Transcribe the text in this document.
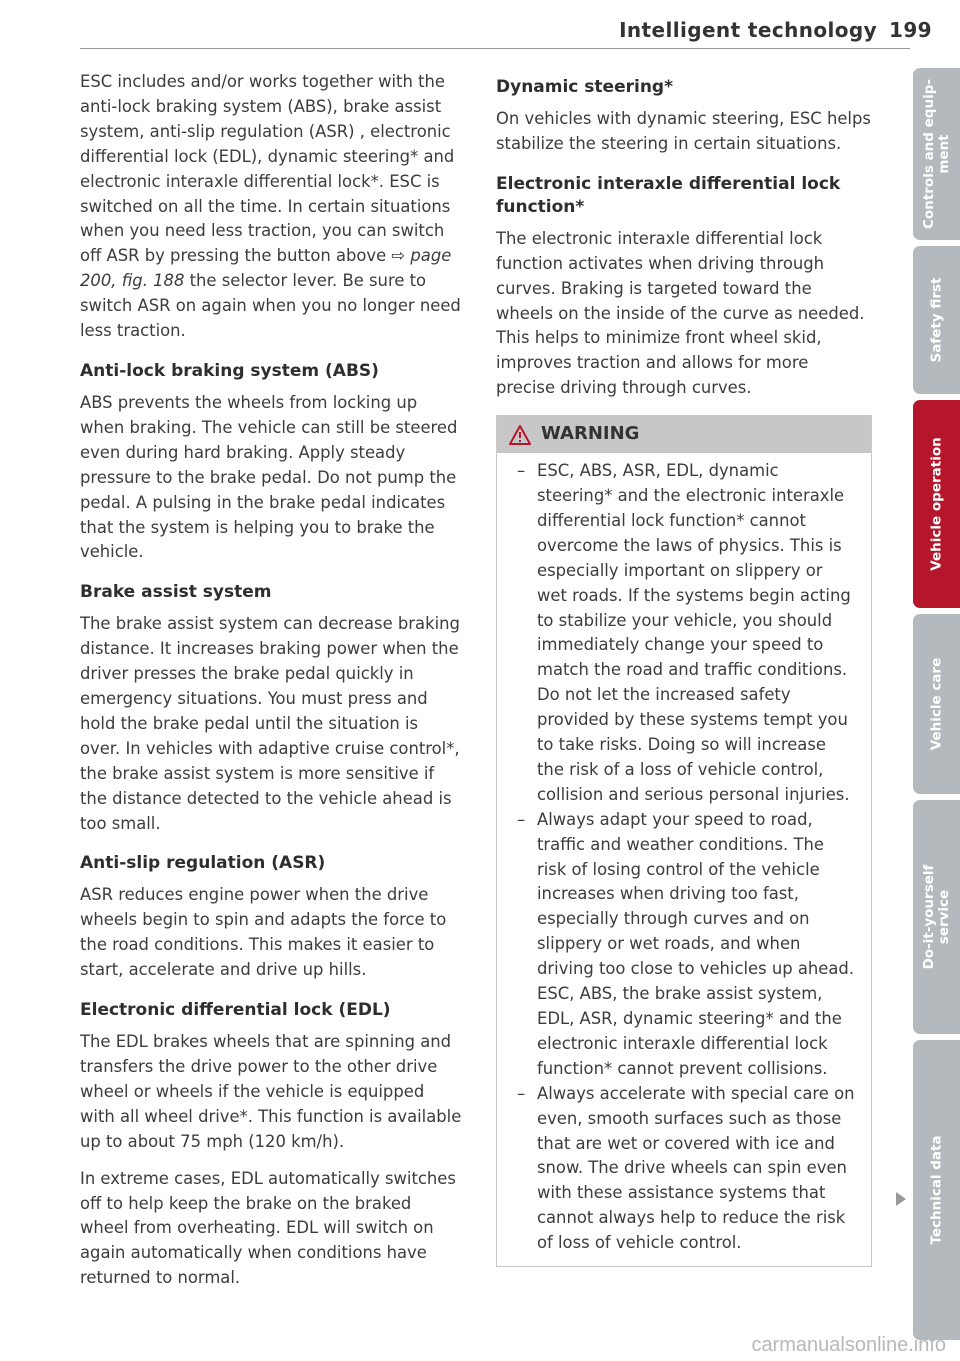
Intelligent technology 199

ESC includes and/or works together with the anti-lock braking system (ABS), brake assist system, anti-slip regulation (ASR) , electronic differential lock (EDL), dynamic steering* and electronic interaxle differential lock*. ESC is switched on all the time. In certain situations when you need less traction, you can switch off ASR by pressing the button above ⇨ page 200, fig. 188 the selector lever. Be sure to switch ASR on again when you no longer need less traction.

Anti-lock braking system (ABS)

ABS prevents the wheels from locking up when braking. The vehicle can still be steered even during hard braking. Apply steady pressure to the brake pedal. Do not pump the pedal. A pulsing in the brake pedal indicates that the system is helping you to brake the vehicle.

Brake assist system

The brake assist system can decrease braking distance. It increases braking power when the driver presses the brake pedal quickly in emergency situations. You must press and hold the brake pedal until the situation is over. In vehicles with adaptive cruise control*, the brake assist system is more sensitive if the distance detected to the vehicle ahead is too small.

Anti-slip regulation (ASR)

ASR reduces engine power when the drive wheels begin to spin and adapts the force to the road conditions. This makes it easier to start, accelerate and drive up hills.

Electronic differential lock (EDL)

The EDL brakes wheels that are spinning and transfers the drive power to the other drive wheel or wheels if the vehicle is equipped with all wheel drive*. This function is available up to about 75 mph (120 km/h).

In extreme cases, EDL automatically switches off to help keep the brake on the braked wheel from overheating. EDL will switch on again automatically when conditions have returned to normal.

Dynamic steering*

On vehicles with dynamic steering, ESC helps stabilize the steering in certain situations.

Electronic interaxle differential lock function*

The electronic interaxle differential lock function activates when driving through curves. Braking is targeted toward the wheels on the inside of the curve as needed. This helps to minimize front wheel skid, improves traction and allows for more precise driving through curves.

WARNING
– ESC, ABS, ASR, EDL, dynamic steering* and the electronic interaxle differential lock function* cannot overcome the laws of physics. This is especially important on slippery or wet roads. If the systems begin acting to stabilize your vehicle, you should immediately change your speed to match the road and traffic conditions. Do not let the increased safety provided by these systems tempt you to take risks. Doing so will increase the risk of a loss of vehicle control, collision and serious personal injuries.
– Always adapt your speed to road, traffic and weather conditions. The risk of losing control of the vehicle increases when driving too fast, especially through curves and on slippery or wet roads, and when driving too close to vehicles up ahead. ESC, ABS, the brake assist system, EDL, ASR, dynamic steering* and the electronic interaxle differential lock function* cannot prevent collisions.
– Always accelerate with special care on even, smooth surfaces such as those that are wet or covered with ice and snow. The drive wheels can spin even with these assistance systems that cannot always help to reduce the risk of loss of vehicle control.
Controls and equip- ment
Safety first
Vehicle operation
Vehicle care
Do-it-yourself service
Technical data
carmanualsonline.info
